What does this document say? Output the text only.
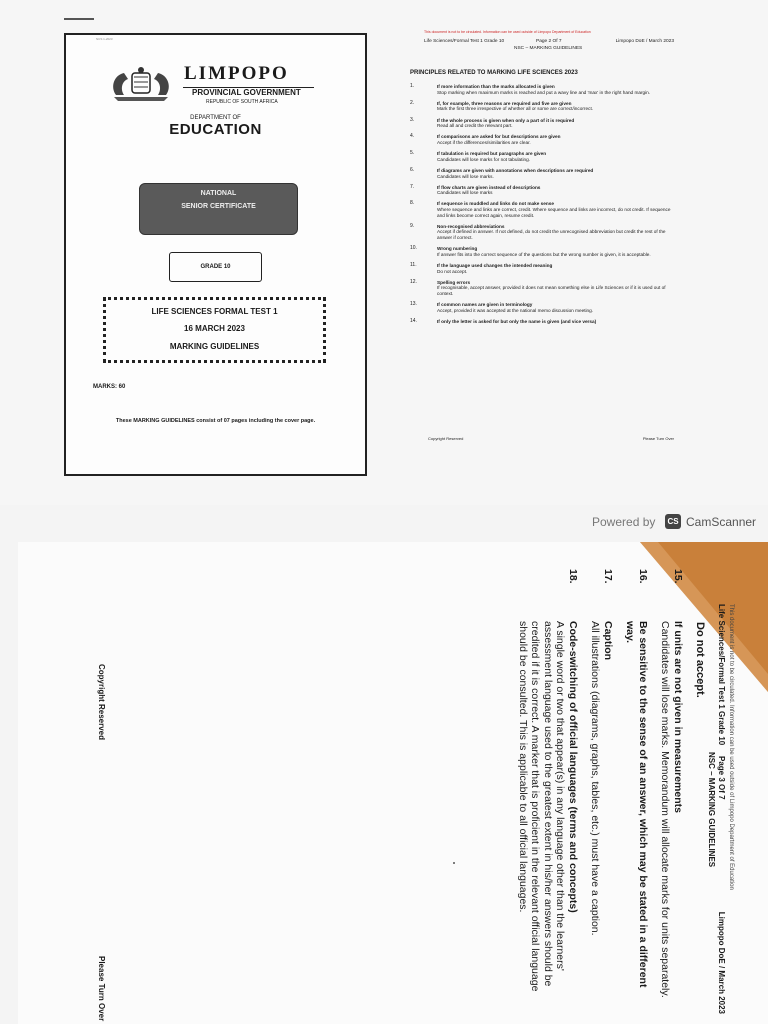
NCS 1-2023
LIMPOPO
PROVINCIAL GOVERNMENT
REPUBLIC OF SOUTH AFRICA
DEPARTMENT OF
EDUCATION
NATIONAL
SENIOR CERTIFICATE
GRADE 10
LIFE SCIENCES FORMAL TEST 1
16 MARCH 2023
MARKING GUIDELINES
MARKS: 60
These MARKING GUIDELINES consist of 07 pages including the cover page.
This document is not to be circulated. Information can be used outside of Limpopo Department of Education
Life Sciences/Formal Test 1 Grade 10	Page 2 Of 7	Limpopo DoE / March 2023
NSC – MARKING GUIDELINES
PRINCIPLES RELATED TO MARKING LIFE SCIENCES 2023
1.	If more information than the marks allocated is given
Stop marking when maximum marks is reached and put a wavy line and 'max' in the right hand margin.
2.	If, for example, three reasons are required and five are given
Mark the first three irrespective of whether all or some are correct/incorrect.
3.	If the whole process is given when only a part of it is required
Read all and credit the relevant part.
4.	If comparisons are asked for but descriptions are given
Accept if the differences/similarities are clear.
5.	If tabulation is required but paragraphs are given
Candidates will lose marks for not tabulating.
6.	If diagrams are given with annotations when descriptions are required
Candidates will lose marks.
7.	If flow charts are given instead of descriptions
Candidates will lose marks
8.	If sequence is muddled and links do not make sense
Where sequence and links are correct, credit. Where sequence and links are incorrect, do not credit. If sequence and links become correct again, resume credit.
9.	Non-recognised abbreviations
Accept if defined in answer. If not defined, do not credit the unrecognised abbreviation but credit the rest of the answer if correct.
10.	Wrong numbering
If answer fits into the correct sequence of the questions but the wrong number is given, it is acceptable.
11.	If the language used changes the intended meaning
Do not accept.
12.	Spelling errors
If recognisable, accept answer, provided it does not mean something else in Life Sciences or if it is used out of context.
13.	If common names are given in terminology
Accept, provided it was accepted at the national memo discussion meeting.
14.	If only the letter is asked for but only the name is given (and vice versa)
Copyright Reserved	Please Turn Over
Powered by	CS CamScanner
This document is not to be circulated. Information can be used outside of Limpopo Department of Education
Life Sciences/Formal Test 1 Grade 10
Page 3 Of 7
Limpopo DoE / March 2023
NSC – MARKING GUIDELINES
Do not accept.
15.
If units are not given in measurements
Candidates will lose marks. Memorandum will allocate marks for units separately.
16.
Be sensitive to the sense of an answer, which may be stated in a different way.
17.
Caption
All illustrations (diagrams, graphs, tables, etc.) must have a caption.
18.
Code-switching of official languages (terms and concepts)
A single word or two that appear(s) in any language other than the learners' assessment language used to the greatest extent in his/her answers should be credited if it is correct. A marker that is proficient in the relevant official language should be consulted. This is applicable to all official languages.
Copyright Reserved
Please Turn Over
